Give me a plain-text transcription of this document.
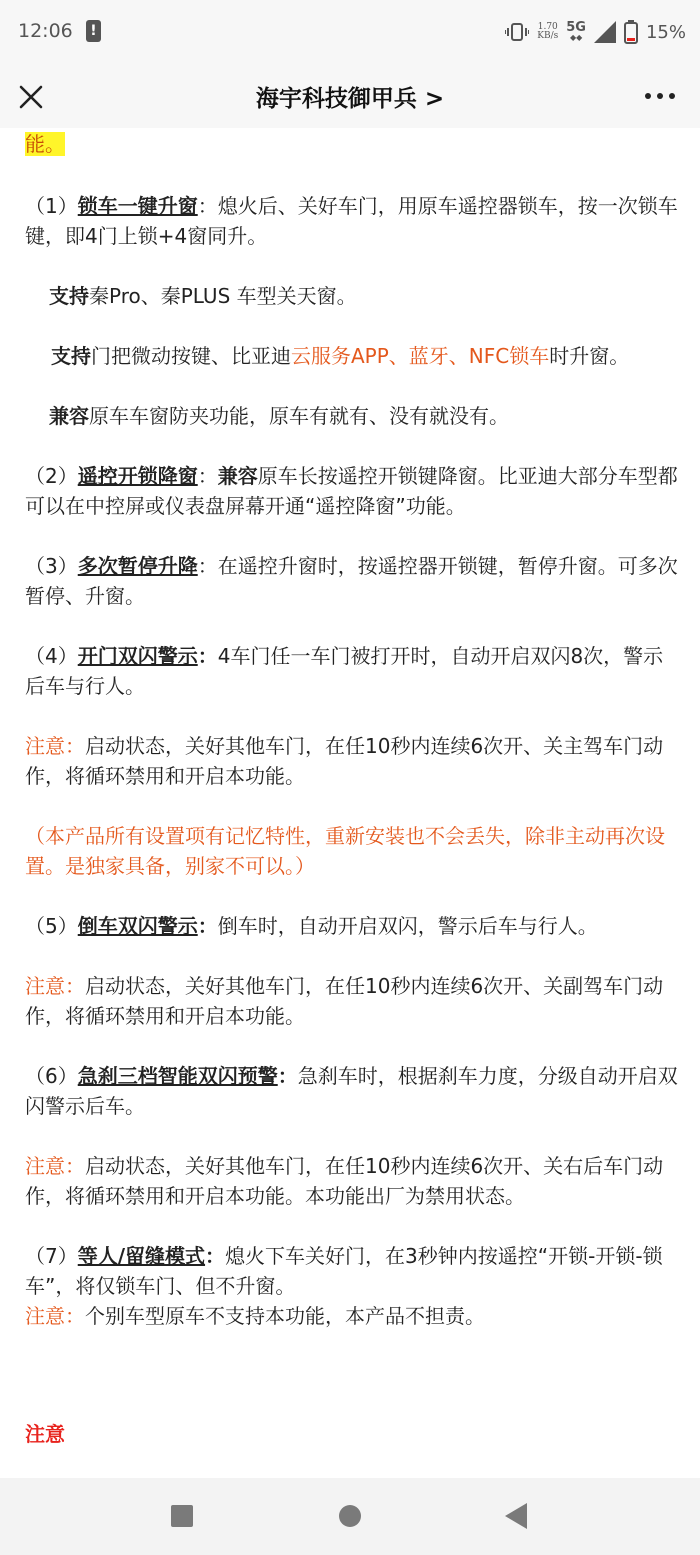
12:06	!	1.70
KB/s
5G
◆◆	15%
海宇科技御甲兵 >

能。

（1）锁车一键升窗：熄火后、关好车门，用原车遥控器锁车，按一次锁车键，即4门上锁+4窗同升。

支持秦Pro、秦PLUS 车型关天窗。

支持门把微动按键、比亚迪云服务APP、蓝牙、NFC锁车时升窗。

兼容原车车窗防夹功能，原车有就有、没有就没有。

（2）遥控开锁降窗：兼容原车长按遥控开锁键降窗。比亚迪大部分车型都可以在中控屏或仪表盘屏幕开通“遥控降窗”功能。

（3）多次暂停升降：在遥控升窗时，按遥控器开锁键，暂停升窗。可多次暂停、升窗。

（4）开门双闪警示：4车门任一车门被打开时，自动开启双闪8次，警示后车与行人。

注意：启动状态，关好其他车门，在任10秒内连续6次开、关主驾车门动作，将循环禁用和开启本功能。

（本产品所有设置项有记忆特性，重新安装也不会丢失，除非主动再次设置。是独家具备，别家不可以。）

（5）倒车双闪警示：倒车时，自动开启双闪，警示后车与行人。

注意：启动状态，关好其他车门，在任10秒内连续6次开、关副驾车门动作，将循环禁用和开启本功能。

（6）急刹三档智能双闪预警：急刹车时，根据刹车力度，分级自动开启双闪警示后车。

注意：启动状态，关好其他车门，在任10秒内连续6次开、关右后车门动作，将循环禁用和开启本功能。本功能出厂为禁用状态。

（7）等人/留缝模式：熄火下车关好门，在3秒钟内按遥控“开锁-开锁-锁车”，将仅锁车门、但不升窗。

注意：个别车型原车不支持本功能，本产品不担责。

注意
